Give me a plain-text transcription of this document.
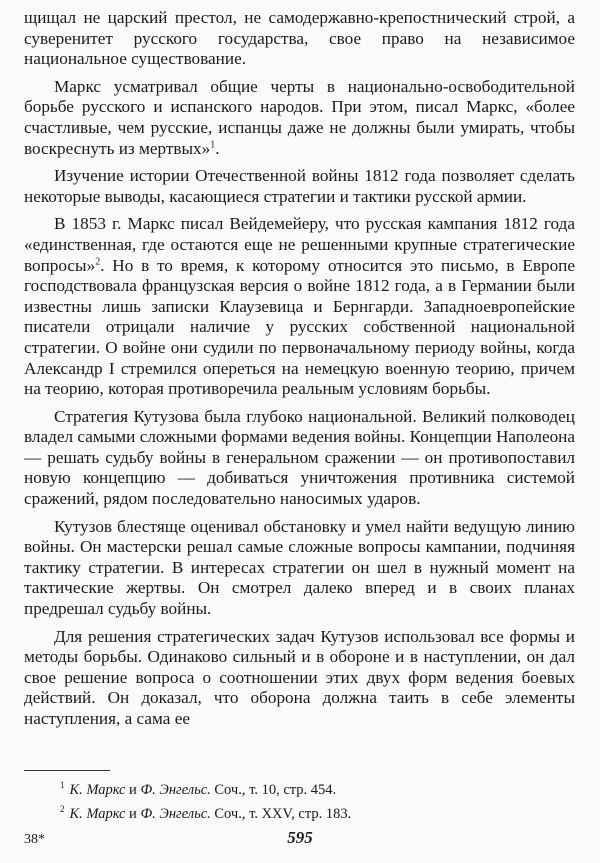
щищал не царский престол, не самодержавно-крепостнический строй, а суверенитет русского государства, свое право на независимое национальное существование.

Маркс усматривал общие черты в национально-освободительной борьбе русского и испанского народов. При этом, писал Маркс, «более счастливые, чем русские, испанцы даже не должны были умирать, чтобы воскреснуть из мертвых»$^1$.

Изучение истории Отечественной войны 1812 года позволяет сделать некоторые выводы, касающиеся стратегии и тактики русской армии.

В 1853 г. Маркс писал Вейдемейеру, что русская кампания 1812 года «единственная, где остаются еще не решенными крупные стратегические вопросы»$^2$. Но в то время, к которому относится это письмо, в Европе господствовала французская версия о войне 1812 года, а в Германии были известны лишь записки Клаузевица и Бернгарди. Западноевропейские писатели отрицали наличие у русских собственной национальной стратегии. О войне они судили по первоначальному периоду войны, когда Александр I стремился опереться на немецкую военную теорию, причем на теорию, которая противоречила реальным условиям борьбы.

Стратегия Кутузова была глубоко национальной. Великий полководец владел самыми сложными формами ведения войны. Концепции Наполеона — решать судьбу войны в генеральном сражении — он противопоставил новую концепцию — добиваться уничтожения противника системой сражений, рядом последовательно наносимых ударов.

Кутузов блестяще оценивал обстановку и умел найти ведущую линию войны. Он мастерски решал самые сложные вопросы кампании, подчиняя тактику стратегии. В интересах стратегии он шел в нужный момент на тактические жертвы. Он смотрел далеко вперед и в своих планах предрешал судьбу войны.

Для решения стратегических задач Кутузов использовал все формы и методы борьбы. Одинаково сильный и в обороне и в наступлении, он дал свое решение вопроса о соотношении этих двух форм ведения боевых действий. Он доказал, что оборона должна таить в себе элементы наступления, а сама ее

$^1$ К. Маркс и Ф. Энгельс. Соч., т. 10, стр. 454.

$^2$ К. Маркс и Ф. Энгельс. Соч., т. XXV, стр. 183.

38*	595
